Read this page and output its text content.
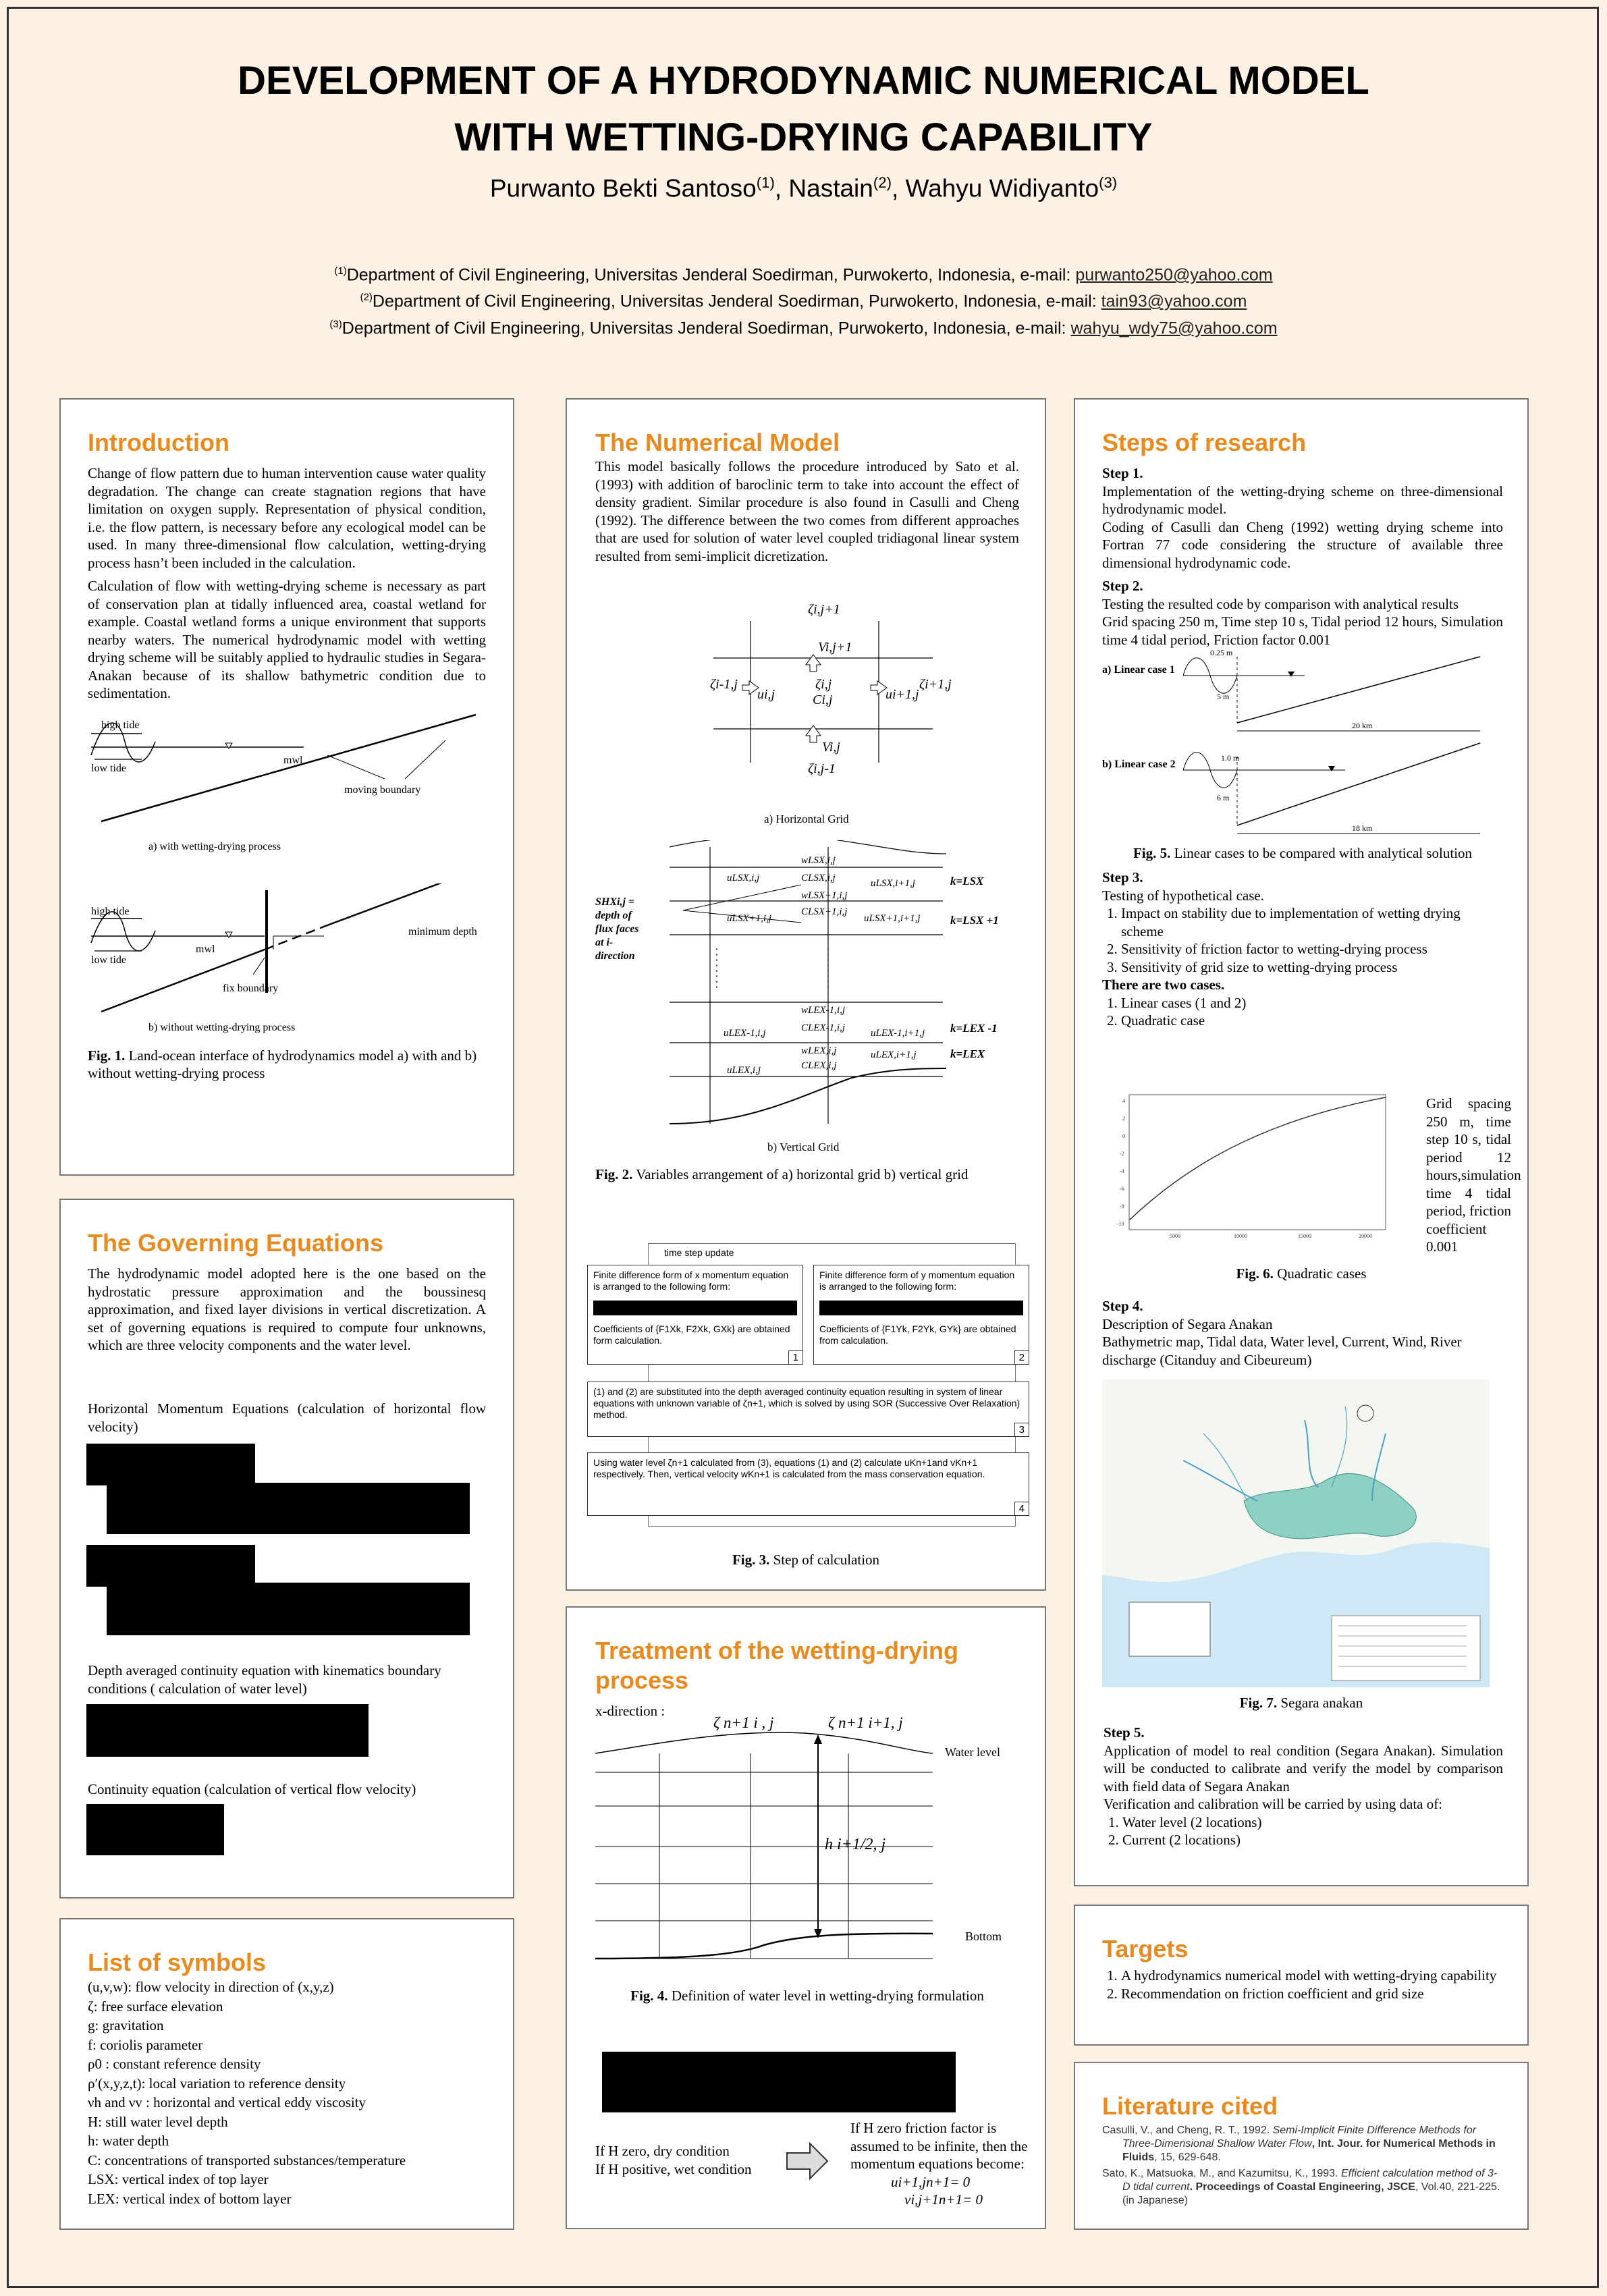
DEVELOPMENT OF A HYDRODYNAMIC NUMERICAL MODEL
WITH WETTING-DRYING CAPABILITY
Purwanto Bekti Santoso$^{(1)}$, Nastain$^{(2)}$, Wahyu Widiyanto$^{(3)}$
$^{(1)}$Department of Civil Engineering, Universitas Jenderal Soedirman, Purwokerto, Indonesia, e-mail: purwanto250@yahoo.com
$^{(2)}$Department of Civil Engineering, Universitas Jenderal Soedirman, Purwokerto, Indonesia, e-mail: tain93@yahoo.com
$^{(3)}$Department of Civil Engineering, Universitas Jenderal Soedirman, Purwokerto, Indonesia, e-mail: wahyu_wdy75@yahoo.com
Introduction

Change of flow pattern due to human intervention cause water quality degradation. The change can create stagnation regions that have limitation on oxygen supply. Representation of physical condition, i.e. the flow pattern, is necessary before any ecological model can be used. In many three-dimensional flow calculation, wetting-drying process hasn’t been included in the calculation.

Calculation of flow with wetting-drying scheme is necessary as part of conservation plan at tidally influenced area, coastal wetland for example. Coastal wetland forms a unique environment that supports nearby waters. The numerical hydrodynamic model with wetting drying scheme will be suitably applied to hydraulic studies in Segara-Anakan because of its shallow bathymetric condition due to sedimentation.

high tide
low tide
mwl
moving boundary
a) with wetting-drying process
high tide
low tide
mwl
minimum depth
fix boundary
b) without wetting-drying process
Fig. 1. Land-ocean interface of hydrodynamics model a) with and b) without wetting-drying process
The Governing Equations

The hydrodynamic model adopted here is the one based on the hydrostatic pressure approximation and the boussinesq approximation, and fixed layer divisions in vertical discretization. A set of governing equations is required to compute four unknowns, which are three velocity components and the water level.

Horizontal Momentum Equations (calculation of horizontal flow velocity)
Depth averaged continuity equation with kinematics boundary conditions ( calculation of water level)
Continuity equation (calculation of vertical flow velocity)
List of symbols
(u,v,w): flow velocity in direction of (x,y,z)
ζ: free surface elevation
g: gravitation
f: coriolis parameter
ρ0 : constant reference density
ρ′(x,y,z,t): local variation to reference density
νh and νv : horizontal and vertical eddy viscosity
H: still water level depth
h: water depth
C: concentrations of transported substances/temperature
LSX: vertical index of top layer
LEX: vertical index of bottom layer
The Numerical Model

This model basically follows the procedure introduced by Sato et al. (1993) with addition of baroclinic term to take into account the effect of density gradient. Similar procedure is also found in Casulli and Cheng (1992). The difference between the two comes from different approaches that are used for solution of water level coupled tridiagonal linear system resulted from semi-implicit dicretization.

ζi,j+1
Vi,j+1
ζi-1,j
ui,j
ζi,j
Ci,j	ui+1,j
ζi+1,j
Vi,j
ζi,j-1
a) Horizontal Grid
SHXi,j = depth of flux faces at i- direction
wLSX,i,j
uLSX,i,j	CLSX,i,j	uLSX,i+1,j
wLSX+1,i,j
uLSX+1,i,j
CLSX+1,i,j
uLSX+1,i+1,j
wLEX-1,i,j
uLEX-1,i,j	CLEX-1,i,j	uLEX-1,i+1,j
wLEX,i,j
CLEX,i,j
uLEX,i+1,j
uLEX,i,j
k=LSX
k=LSX +1
k=LEX -1
k=LEX
b) Vertical Grid
Fig. 2. Variables arrangement of a) horizontal grid b) vertical grid
time step update
Finite difference form of x momentum equation is arranged to the following form:
Coefficients of {F1Xk, F2Xk, GXk} are obtained form calculation.
1
Finite difference form of y momentum equation is arranged to the following form:
Coefficients of {F1Yk, F2Yk, GYk} are obtained from calculation.
2
(1) and (2) are substituted into the depth averaged continuity equation resulting in system of linear equations with unknown variable of ζn+1, which is solved by using SOR (Successive Over Relaxation) method.
3
Using water level ζn+1 calculated from (3), equations (1) and (2) calculate uKn+1and vKn+1 respectively. Then, vertical velocity wKn+1 is calculated from the mass conservation equation.
4
Fig. 3. Step of calculation
Treatment of the wetting-drying process
x-direction :
ζ n+1 i , j	ζ n+1 i+1, j
Water level
h i+1/2, j
Bottom
Fig. 4. Definition of water level in wetting-drying formulation
If H zero, dry condition
If H positive, wet condition
If H zero friction factor is assumed to be infinite, then the momentum equations become:
ui+1,jn+1= 0
vi,j+1n+1= 0
Steps of research
Step 1.
Implementation of the wetting-drying scheme on three-dimensional hydrodynamic model.
Coding of Casulli dan Cheng (1992) wetting drying scheme into Fortran 77 code considering the structure of available three dimensional hydrodynamic code.
Step 2.
Testing the resulted code by comparison with analytical results
Grid spacing 250 m, Time step 10 s, Tidal period 12 hours, Simulation time 4 tidal period, Friction factor 0.001
a) Linear case 1
0.25 m
5 m
20 km
b) Linear case 2
1.0 m
6 m
18 km
Fig. 5. Linear cases to be compared with analytical solution
Step 3.
Testing of hypothetical case.
1. Impact on stability due to implementation of wetting drying scheme
2. Sensitivity of friction factor to wetting-drying process
3. Sensitivity of grid size to wetting-drying process
There are two cases.
1. Linear cases (1 and 2)
2. Quadratic case
4
2
0
-2
-4
-6
-8
-10
5000	10000	15000	20000
Grid spacing 250 m, time step 10 s, tidal period 12 hours,simulation time 4 tidal period, friction coefficient 0.001
Fig. 6. Quadratic cases
Step 4.
Description of Segara Anakan
Bathymetric map, Tidal data, Water level, Current, Wind, River discharge (Citanduy and Cibeureum)
Fig. 7. Segara anakan
Step 5.
Application of model to real condition (Segara Anakan). Simulation will be conducted to calibrate and verify the model by comparison with field data of Segara Anakan
Verification and calibration will be carried by using data of:
1. Water level (2 locations)
2. Current (2 locations)
Targets
1. A hydrodynamics numerical model with wetting-drying capability
2. Recommendation on friction coefficient and grid size
Literature cited

Casulli, V., and Cheng, R. T., 1992. Semi-Implicit Finite Difference Methods for Three-Dimensional Shallow Water Flow, Int. Jour. for Numerical Methods in Fluids, 15, 629-648.

Sato, K., Matsuoka, M., and Kazumitsu, K., 1993. Efficient calculation method of 3-D tidal current. Proceedings of Coastal Engineering, JSCE, Vol.40, 221-225.(in Japanese)
